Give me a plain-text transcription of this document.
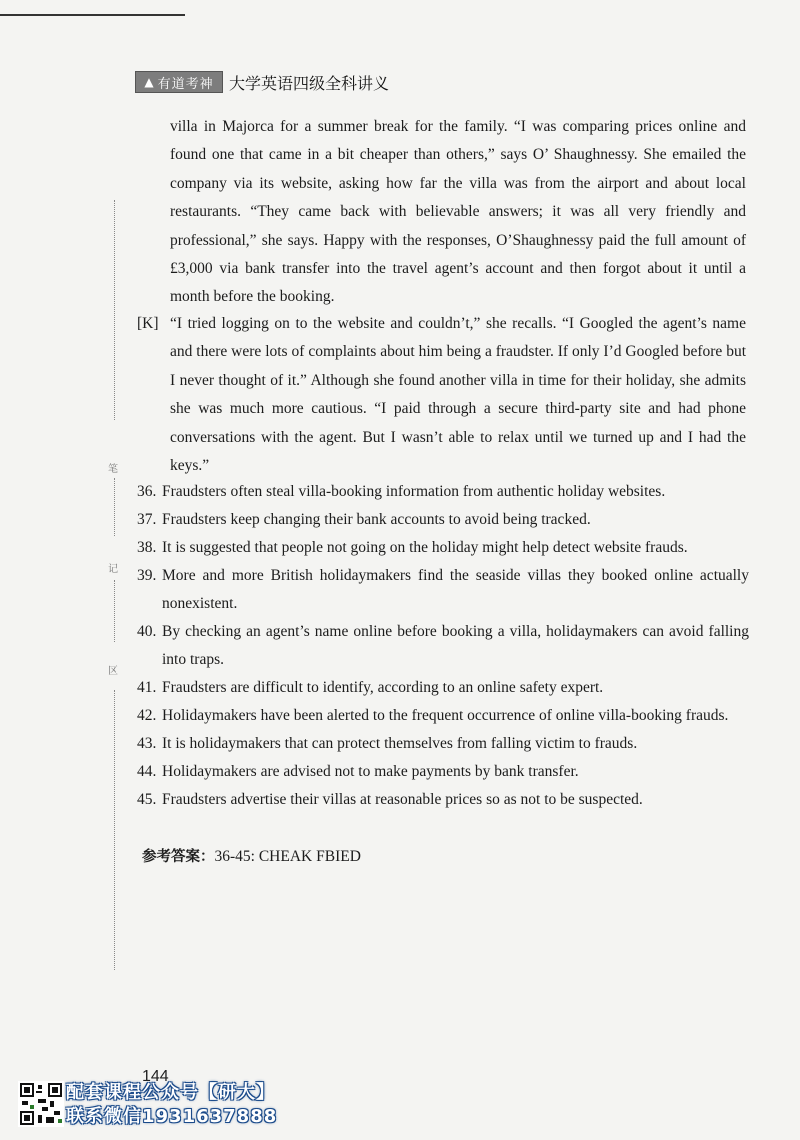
▲ 有道考神 大学英语四级全科讲义
笔
记
区
villa in Majorca for a summer break for the family. “I was comparing prices online and found one that came in a bit cheaper than others,” says O’ Shaughnessy. She emailed the company via its website, asking how far the villa was from the airport and about local restaurants. “They came back with believable answers; it was all very friendly and professional,” she says. Happy with the responses, O’Shaughnessy paid the full amount of £3,000 via bank transfer into the travel agent’s account and then forgot about it until a month before the booking.
[K] “I tried logging on to the website and couldn’t,” she recalls. “I Googled the agent’s name and there were lots of complaints about him being a fraudster. If only I’d Googled before but I never thought of it.” Although she found another villa in time for their holiday, she admits she was much more cautious. “I paid through a secure third-party site and had phone conversations with the agent. But I wasn’t able to relax until we turned up and I had the keys.”
36. Fraudsters often steal villa-booking information from authentic holiday websites.
37. Fraudsters keep changing their bank accounts to avoid being tracked.
38. It is suggested that people not going on the holiday might help detect website frauds.
39. More and more British holidaymakers find the seaside villas they booked online actually nonexistent.
40. By checking an agent’s name online before booking a villa, holidaymakers can avoid falling into traps.
41. Fraudsters are difficult to identify, according to an online safety expert.
42. Holidaymakers have been alerted to the frequent occurrence of online villa-booking frauds.
43. It is holidaymakers that can protect themselves from falling victim to frauds.
44. Holidaymakers are advised not to make payments by bank transfer.
45. Fraudsters advertise their villas at reasonable prices so as not to be suspected.
参考答案：36-45: CHEAK FBIED
144
配套课程公众号【研大】
联系微信1931637888
